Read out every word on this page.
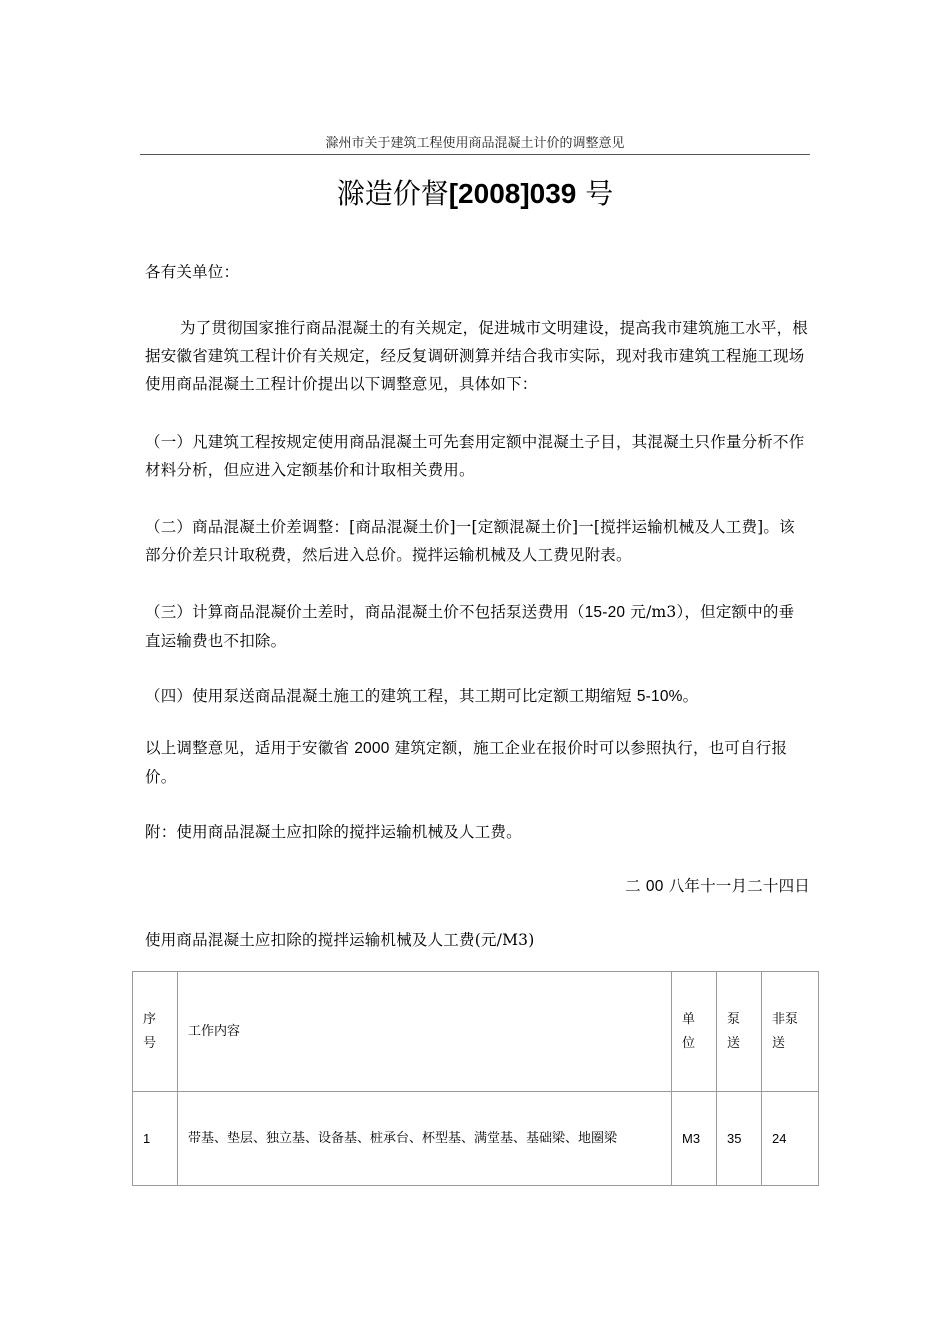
滁州市关于建筑工程使用商品混凝土计价的调整意见
滁造价督[2008]039 号
各有关单位：
为了贯彻国家推行商品混凝土的有关规定，促进城市文明建设，提高我市建筑施工水平，根据安徽省建筑工程计价有关规定，经反复调研测算并结合我市实际，现对我市建筑工程施工现场使用商品混凝土工程计价提出以下调整意见，具体如下：
（一）凡建筑工程按规定使用商品混凝土可先套用定额中混凝土子目，其混凝土只作量分析不作材料分析，但应进入定额基价和计取相关费用。
（二）商品混凝土价差调整：[商品混凝土价]一[定额混凝土价]一[搅拌运输机械及人工费]。该部分价差只计取税费，然后进入总价。搅拌运输机械及人工费见附表。
（三）计算商品混凝价土差时，商品混凝土价不包括泵送费用（15-20 元/m3），但定额中的垂直运输费也不扣除。
（四）使用泵送商品混凝土施工的建筑工程，其工期可比定额工期缩短 5-10%。
以上调整意见，适用于安徽省 2000 建筑定额，施工企业在报价时可以参照执行，也可自行报价。
附：使用商品混凝土应扣除的搅拌运输机械及人工费。
二 00 八年十一月二十四日
使用商品混凝土应扣除的搅拌运输机械及人工费(元/M3)
序号	工作内容	单位	泵送	非泵送
1	带基、垫层、独立基、设备基、桩承台、杯型基、满堂基、基础梁、地圈梁	M3	35	24
